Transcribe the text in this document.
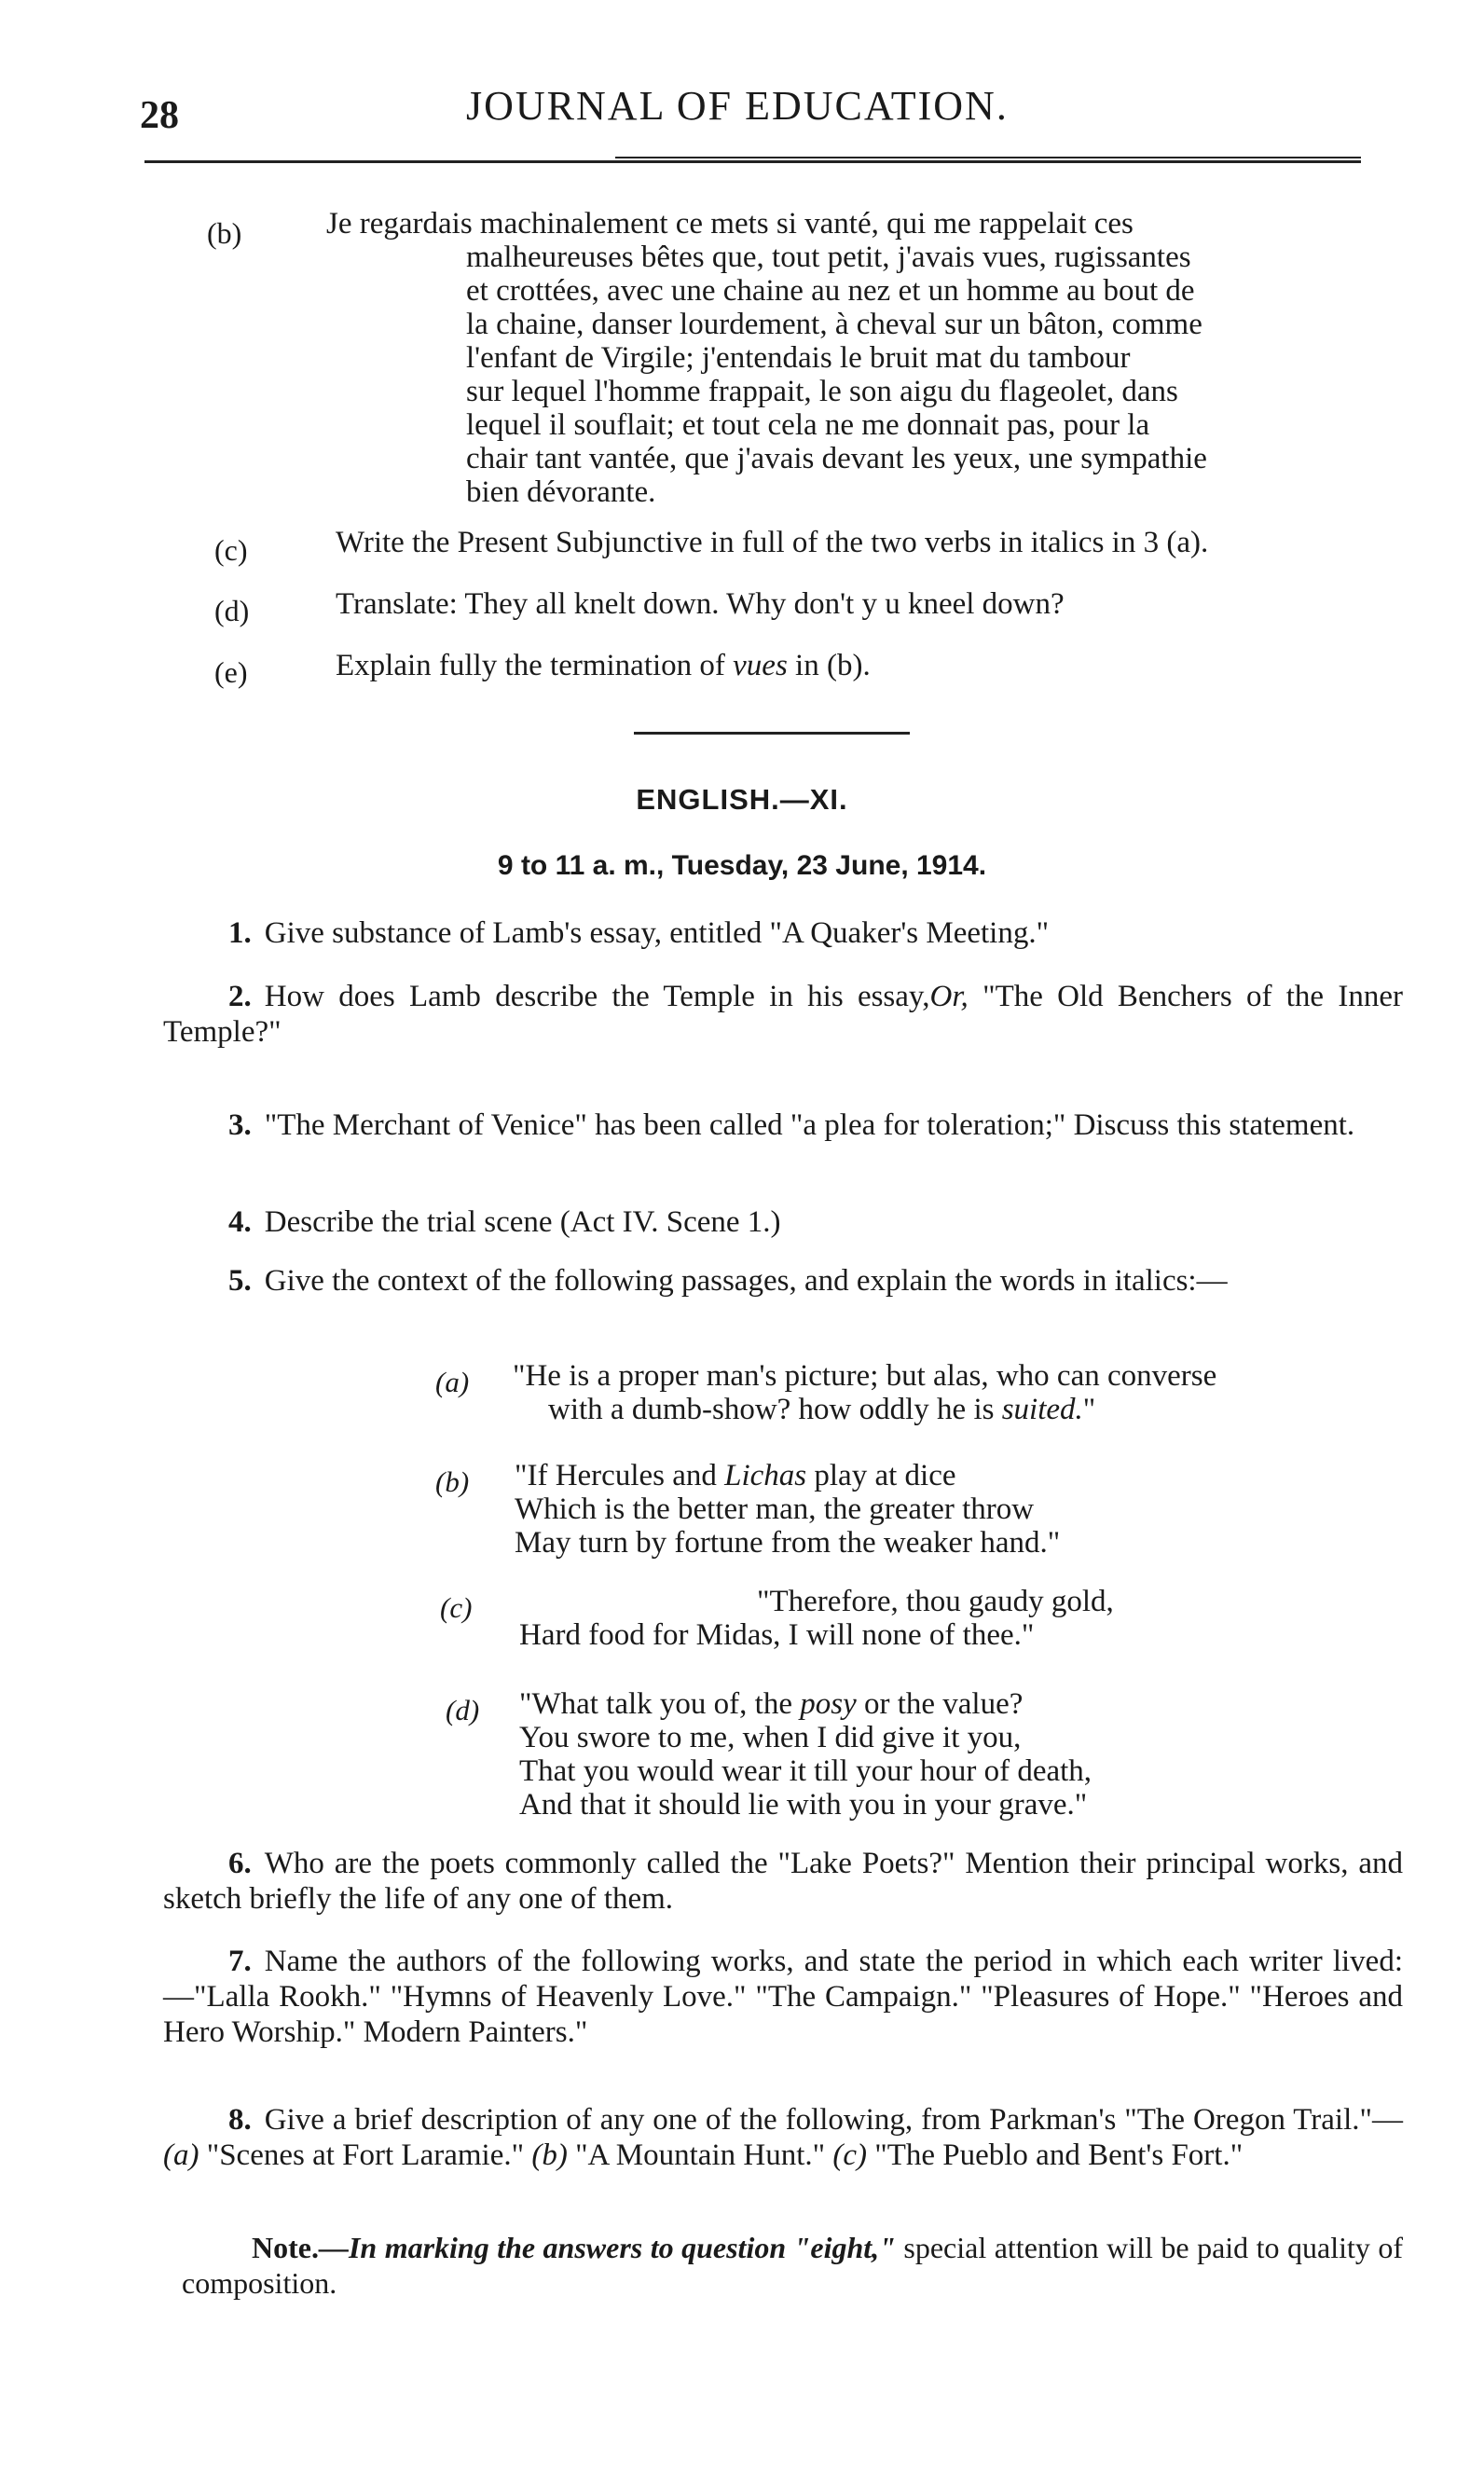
28	JOURNAL OF EDUCATION.
(b)	Je regardais machinalement ce mets si vanté, qui me rappelait ces
malheureuses bêtes que, tout petit, j'avais vues, rugissantes
et crottées, avec une chaine au nez et un homme au bout de
la chaine, danser lourdement, à cheval sur un bâton, comme
l'enfant de Virgile; j'entendais le bruit mat du tambour
sur lequel l'homme frappait, le son aigu du flageolet, dans
lequel il souflait; et tout cela ne me donnait pas, pour la
chair tant vantée, que j'avais devant les yeux, une sympathie
bien dévorante.
(c)	Write the Present Subjunctive in full of the two verbs in italics in 3 (a).
(d)	Translate: They all knelt down. Why don't y u kneel down?
(e)	Explain fully the termination of vues in (b).
ENGLISH.—XI.
9 to 11 a. m., Tuesday, 23 June, 1914.
1. Give substance of Lamb's essay, entitled "A Quaker's Meeting."
2. How does Lamb describe the Temple in his essay,Or, "The Old Benchers of the Inner Temple?"
3. "The Merchant of Venice" has been called "a plea for toleration;" Discuss this statement.
4. Describe the trial scene (Act IV. Scene 1.)
5. Give the context of the following passages, and explain the words in italics:—
(a) "He is a proper man's picture; but alas, who can converse
with a dumb-show? how oddly he is suited."
(b) "If Hercules and Lichas play at dice
Which is the better man, the greater throw
May turn by fortune from the weaker hand."
(c)	"Therefore, thou gaudy gold,
Hard food for Midas, I will none of thee."
(d) "What talk you of, the posy or the value?
You swore to me, when I did give it you,
That you would wear it till your hour of death,
And that it should lie with you in your grave."
6. Who are the poets commonly called the "Lake Poets?" Mention their principal works, and sketch briefly the life of any one of them.
7. Name the authors of the following works, and state the period in which each writer lived:—"Lalla Rookh." "Hymns of Heavenly Love." "The Campaign." "Pleasures of Hope." "Heroes and Hero Worship." Modern Painters."
8. Give a brief description of any one of the following, from Parkman's "The Oregon Trail."—(a) "Scenes at Fort Laramie." (b) "A Mountain Hunt." (c) "The Pueblo and Bent's Fort."
Note.—In marking the answers to question "eight," special attention will be paid to quality of composition.
